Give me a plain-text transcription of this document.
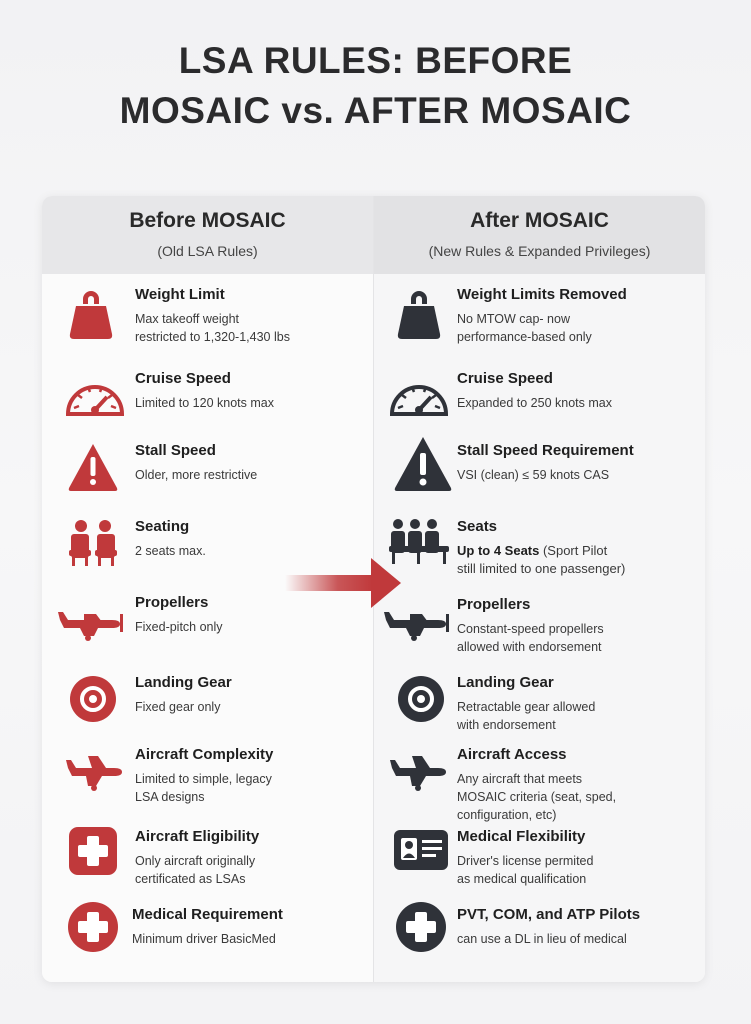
LSA RULES: BEFORE
MOSAIC vs. AFTER MOSAIC
Before MOSAIC
(Old LSA Rules)
Weight Limit
Max takeoff weight
restricted to 1,320-1,430 lbs
Cruise Speed
Limited to 120 knots max
Stall Speed
Older, more restrictive
Seating
2 seats max.
Propellers
Fixed-pitch only
Landing Gear
Fixed gear only
Aircraft Complexity
Limited to simple, legacy
LSA designs
Aircraft Eligibility
Only aircraft originally
certificated as LSAs
Medical Requirement
Minimum driver BasicMed
After MOSAIC
(New Rules & Expanded Privileges)
Weight Limits Removed
No MTOW cap- now
performance-based only
Cruise Speed
Expanded to 250 knots max
Stall Speed Requirement
VSI (clean) ≤ 59 knots CAS
Seats
Up to 4 Seats (Sport Pilot
still limited to one passenger)
Propellers
Constant-speed propellers
allowed with endorsement
Landing Gear
Retractable gear allowed
with endorsement
Aircraft Access
Any aircraft that meets
MOSAIC criteria (seat, sped,
configuration, etc)
Medical Flexibility
Driver's license permited
as medical qualification
PVT, COM, and ATP Pilots
can use a DL in lieu of medical
